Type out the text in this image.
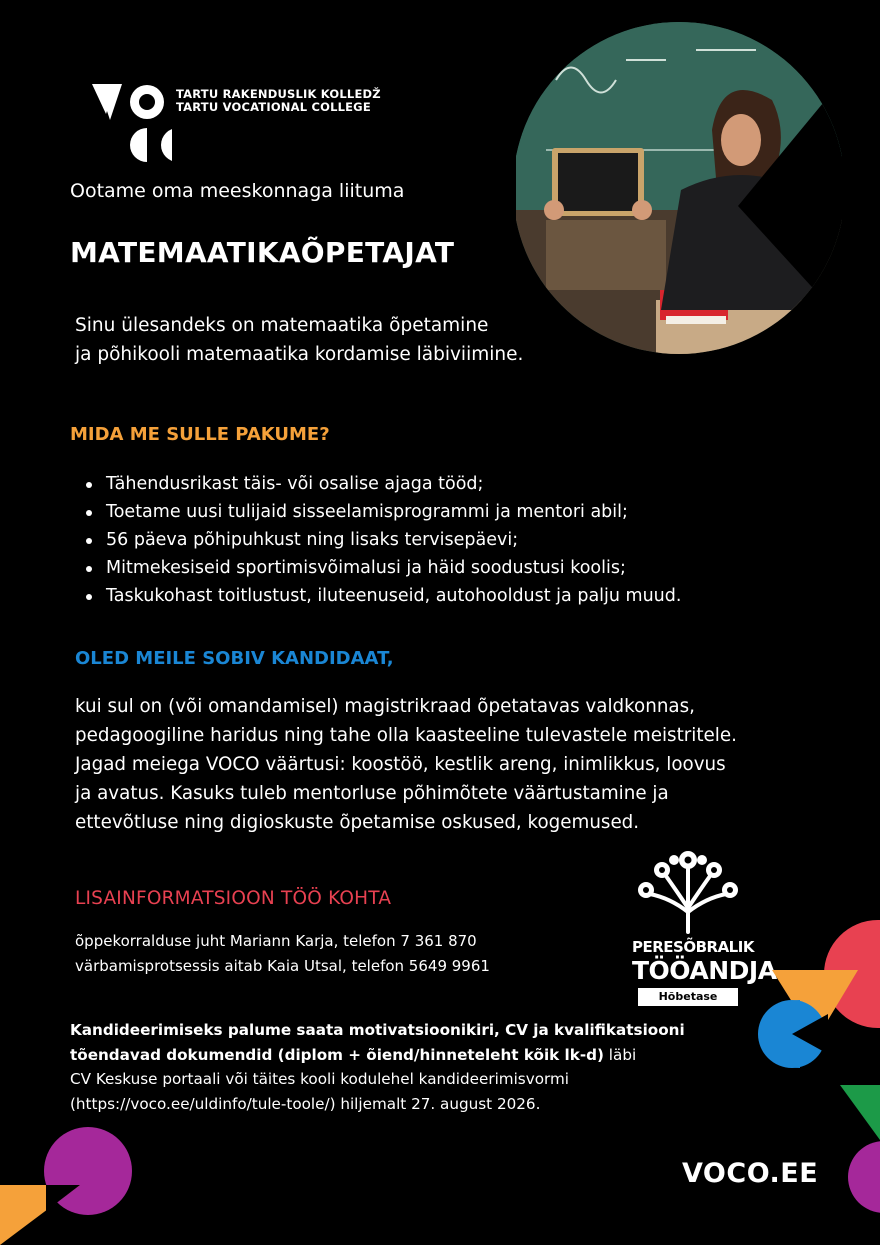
TARTU RAKENDUSLIK KOLLEDŽ
TARTU VOCATIONAL COLLEGE
Ootame oma meeskonnaga liituma
MATEMAATIKAÕPETAJAT
Sinu ülesandeks on matemaatika õpetamine
ja põhikooli matemaatika kordamise läbiviimine.
MIDA ME SULLE PAKUME?
Tähendusrikast täis- või osalise ajaga tööd;
Toetame uusi tulijaid sisseelamisprogrammi ja mentori abil;
56 päeva põhipuhkust ning lisaks tervisepäevi;
Mitmekesiseid sportimisvõimalusi ja häid soodustusi koolis;
Taskukohast toitlustust, iluteenuseid, autohooldust ja palju muud.
OLED MEILE SOBIV KANDIDAAT,
kui sul on (või omandamisel) magistrikraad õpetatavas valdkonnas,
pedagoogiline haridus ning tahe olla kaasteeline tulevastele meistritele.
Jagad meiega VOCO väärtusi: koostöö, kestlik areng, inimlikkus, loovus
ja avatus. Kasuks tuleb mentorluse põhimõtete väärtustamine ja
ettevõtluse ning digioskuste õpetamise oskused, kogemused.
LISAINFORMATSIOON TÖÖ KOHTA
õppekorralduse juht Mariann Karja, telefon 7 361 870
värbamisprotsessis aitab Kaia Utsal, telefon 5649 9961
Kandideerimiseks palume saata motivatsioonikiri, CV ja kvalifikatsiooni
tõendavad dokumendid (diplom + õiend/hinneteleht kõik lk-d) läbi
CV Keskuse portaali või täites kooli kodulehel kandideerimisvormi
(https://voco.ee/uldinfo/tule-toole/) hiljemalt 27. august 2026.
PERESÕBRALIK
TÖÖANDJA
Hõbetase
VOCO.EE
